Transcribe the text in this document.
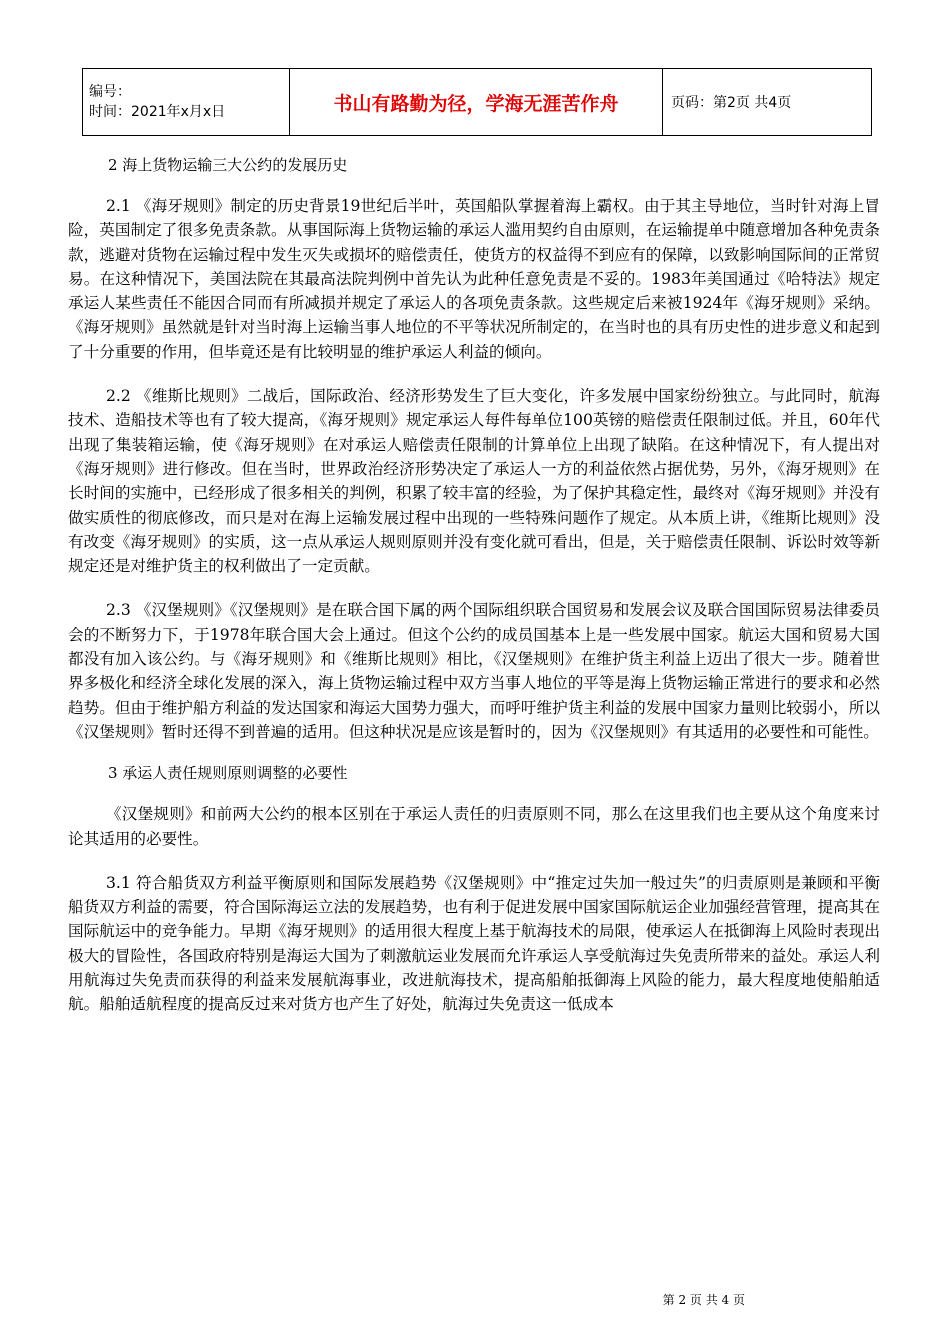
编号：
时间：2021年x月x日	书山有路勤为径，学海无涯苦作舟	页码：第2页 共4页

2 海上货物运输三大公约的发展历史

2.1 《海牙规则》制定的历史背景19世纪后半叶，英国船队掌握着海上霸权。由于其主导地位，当时针对海上冒险，英国制定了很多免责条款。从事国际海上货物运输的承运人滥用契约自由原则，在运输提单中随意增加各种免责条款，逃避对货物在运输过程中发生灭失或损坏的赔偿责任，使货方的权益得不到应有的保障，以致影响国际间的正常贸易。在这种情况下，美国法院在其最高法院判例中首先认为此种任意免责是不妥的。1983年美国通过《哈特法》规定承运人某些责任不能因合同而有所减损并规定了承运人的各项免责条款。这些规定后来被1924年《海牙规则》采纳。《海牙规则》虽然就是针对当时海上运输当事人地位的不平等状况所制定的，在当时也的具有历史性的进步意义和起到了十分重要的作用，但毕竟还是有比较明显的维护承运人利益的倾向。

2.2 《维斯比规则》二战后，国际政治、经济形势发生了巨大变化，许多发展中国家纷纷独立。与此同时，航海技术、造船技术等也有了较大提高，《海牙规则》规定承运人每件每单位100英镑的赔偿责任限制过低。并且，60年代出现了集装箱运输，使《海牙规则》在对承运人赔偿责任限制的计算单位上出现了缺陷。在这种情况下，有人提出对《海牙规则》进行修改。但在当时，世界政治经济形势决定了承运人一方的利益依然占据优势，另外，《海牙规则》在长时间的实施中，已经形成了很多相关的判例，积累了较丰富的经验，为了保护其稳定性，最终对《海牙规则》并没有做实质性的彻底修改，而只是对在海上运输发展过程中出现的一些特殊问题作了规定。从本质上讲，《维斯比规则》没有改变《海牙规则》的实质，这一点从承运人规则原则并没有变化就可看出，但是，关于赔偿责任限制、诉讼时效等新规定还是对维护货主的权利做出了一定贡献。

2.3 《汉堡规则》《汉堡规则》是在联合国下属的两个国际组织联合国贸易和发展会议及联合国国际贸易法律委员会的不断努力下，于1978年联合国大会上通过。但这个公约的成员国基本上是一些发展中国家。航运大国和贸易大国都没有加入该公约。与《海牙规则》和《维斯比规则》相比，《汉堡规则》在维护货主利益上迈出了很大一步。随着世界多极化和经济全球化发展的深入，海上货物运输过程中双方当事人地位的平等是海上货物运输正常进行的要求和必然趋势。但由于维护船方利益的发达国家和海运大国势力强大，而呼吁维护货主利益的发展中国家力量则比较弱小，所以《汉堡规则》暂时还得不到普遍的适用。但这种状况是应该是暂时的，因为《汉堡规则》有其适用的必要性和可能性。

3 承运人责任规则原则调整的必要性

《汉堡规则》和前两大公约的根本区别在于承运人责任的归责原则不同，那么在这里我们也主要从这个角度来讨论其适用的必要性。

3.1 符合船货双方利益平衡原则和国际发展趋势《汉堡规则》中“推定过失加一般过失”的归责原则是兼顾和平衡船货双方利益的需要，符合国际海运立法的发展趋势，也有利于促进发展中国家国际航运企业加强经营管理，提高其在国际航运中的竞争能力。早期《海牙规则》的适用很大程度上基于航海技术的局限，使承运人在抵御海上风险时表现出极大的冒险性，各国政府特别是海运大国为了刺激航运业发展而允许承运人享受航海过失免责所带来的益处。承运人利用航海过失免责而获得的利益来发展航海事业，改进航海技术，提高船舶抵御海上风险的能力，最大程度地使船舶适航。船舶适航程度的提高反过来对货方也产生了好处，航海过失免责这一低成本

第 2 页 共 4 页
